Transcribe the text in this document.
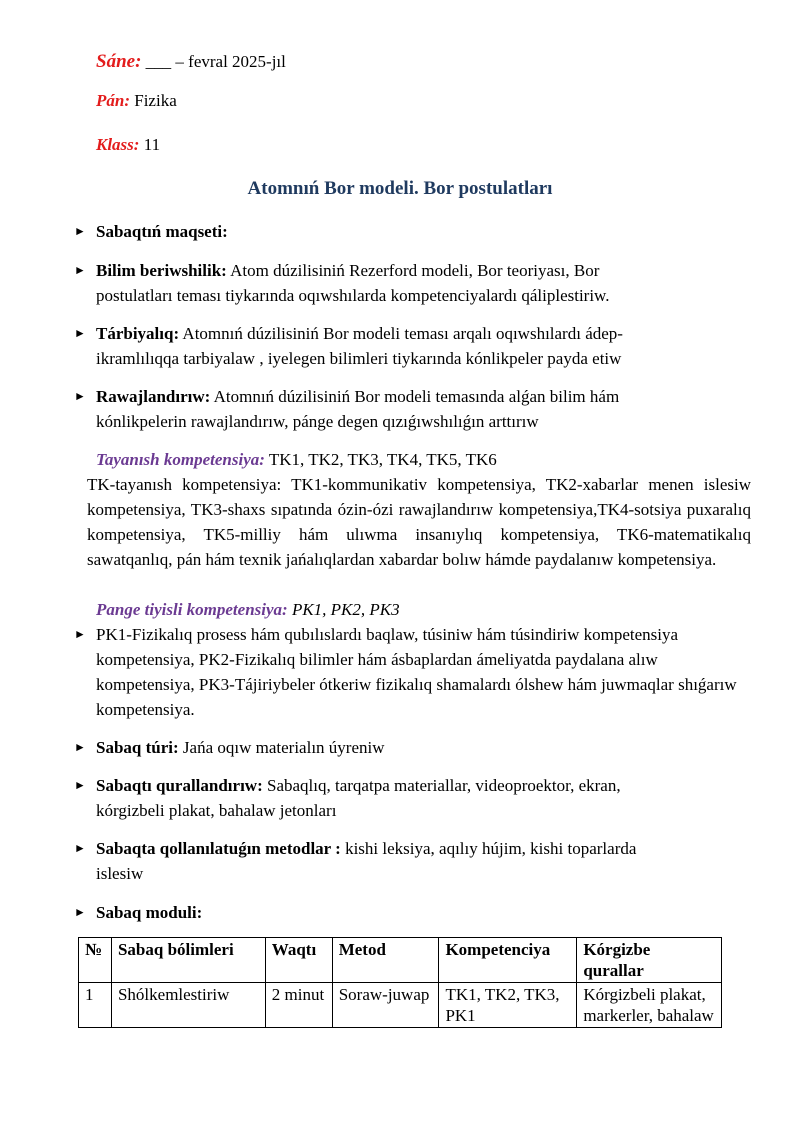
Sáne: ___ – fevral 2025-jıl
Pán: Fizika
Klass: 11
Atomnıń Bor modeli. Bor postulatları
► Sabaqtıń maqseti:
► Bilim beriwshilik: Atom dúzilisiniń Rezerford modeli, Bor teoriyası, Bor
postulatları teması tiykarında oqıwshılarda kompetenciyalardı qáliplestiriw.
► Tárbiyalıq: Atomnıń dúzilisiniń Bor modeli teması arqalı oqıwshılardı ádep-
ikramlılıqqa tarbiyalaw , iyelegen bilimleri tiykarında kónlikpeler payda etiw
► Rawajlandırıw: Atomnıń dúzilisiniń Bor modeli temasında alǵan bilim hám
kónlikpelerin rawajlandırıw, pánge degen qızıǵıwshılıǵın arttırıw
Tayanısh kompetensiya: TK1, TK2, TK3, TK4, TK5, TK6
TK-tayanısh kompetensiya: TK1-kommunikativ kompetensiya, TK2-xabarlar menen islesiw kompetensiya, TK3-shaxs sıpatında ózin-ózi rawajlandırıw kompetensiya,TK4-sotsiya puxaralıq kompetensiya, TK5-milliy hám ulıwma insanıylıq kompetensiya, TK6-matematikalıq sawatqanlıq, pán hám texnik jańalıqlardan xabardar bolıw hámde paydalanıw kompetensiya.
Pange tiyisli kompetensiya: PK1, PK2, PK3
► PK1-Fizikalıq prosess hám qubılıslardı baqlaw, túsiniw hám túsindiriw kompetensiya kompetensiya, PK2-Fizikalıq bilimler hám ásbaplardan ámeliyatda paydalana alıw kompetensiya, PK3-Tájiriybeler ótkeriw fizikalıq shamalardı ólshew hám juwmaqlar shıǵarıw kompetensiya.
► Sabaq túri: Jańa oqıw materialın úyreniw
► Sabaqtı qurallandırıw: Sabaqlıq, tarqatpa materiallar, videoproektor, ekran,
kórgizbeli plakat, bahalaw jetonları
► Sabaqta qollanılatuǵın metodlar : kishi leksiya, aqılıy hújim, kishi toparlarda
islesiw
► Sabaq moduli:
№	Sabaq bólimleri	Waqtı	Metod	Kompetenciya	Kórgizbe qurallar
1	Shólkemlestiriw	2 minut	Soraw-juwap	TK1, TK2, TK3, PK1	Kórgizbeli plakat, markerler, bahalaw
